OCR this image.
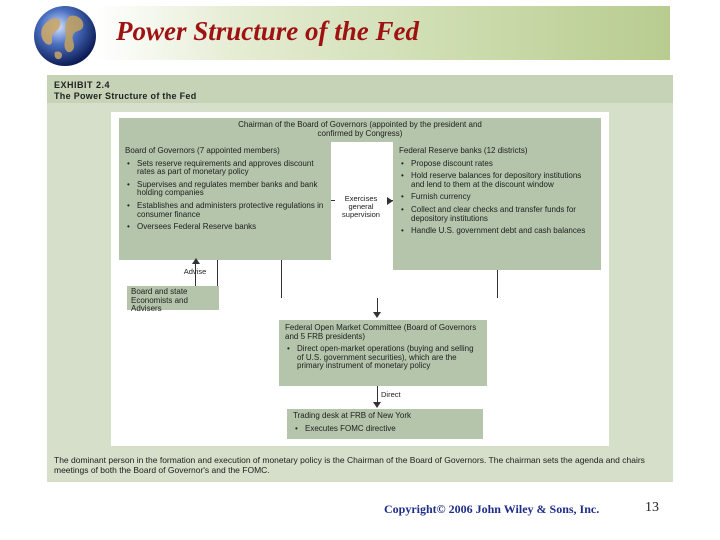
Power Structure of the Fed
EXHIBIT 2.4
The Power Structure of the Fed
Chairman of the Board of Governors (appointed by the president and confirmed by Congress)
Board of Governors (7 appointed members)
• Sets reserve requirements and approves discount rates as part of monetary policy
• Supervises and regulates member banks and bank holding companies
• Establishes and administers protective regulations in consumer finance
• Oversees Federal Reserve banks
Federal Reserve banks (12 districts)
• Propose discount rates
• Hold reserve balances for depository institutions and lend to them at the discount window
• Furnish currency
• Collect and clear checks and transfer funds for depository institutions
• Handle U.S. government debt and cash balances
Exercises general supervision
Advise
Board and state Economists and Advisers
Federal Open Market Committee (Board of Governors and 5 FRB presidents)
• Direct open-market operations (buying and selling of U.S. government securities), which are the primary instrument of monetary policy
Direct
Trading desk at FRB of New York
• Executes FOMC directive
The dominant person in the formation and execution of monetary policy is the Chairman of the Board of Governors. The chairman sets the agenda and chairs meetings of both the Board of Governor's and the FOMC.
Copyright© 2006 John Wiley & Sons, Inc.	13
